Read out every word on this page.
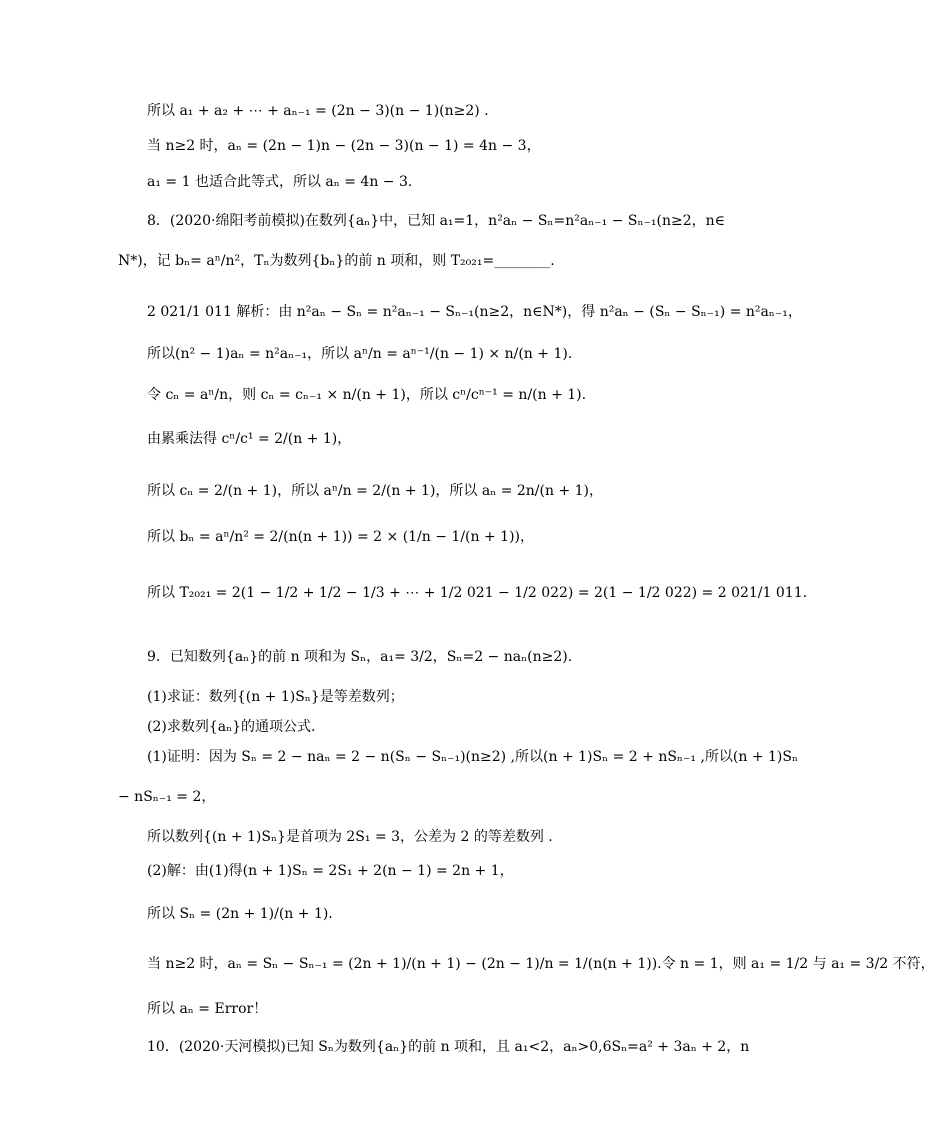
所以 a₁ + a₂ + ⋯ + aₙ₋₁ = (2n − 3)(n − 1)(n≥2) .
当 n≥2 时，aₙ = (2n − 1)n − (2n − 3)(n − 1) = 4n − 3，
a₁ = 1 也适合此等式，所以 aₙ = 4n − 3.
8．(2020·绵阳考前模拟)在数列{aₙ}中，已知 a₁=1，n²aₙ − Sₙ=n²aₙ₋₁ − Sₙ₋₁(n≥2，n∈
N*)，记 bₙ= aⁿ/n²，Tₙ为数列{bₙ}的前 n 项和，则 T₂₀₂₁=________.
2 021/1 011 解析：由 n²aₙ − Sₙ = n²aₙ₋₁ − Sₙ₋₁(n≥2，n∈N*)，得 n²aₙ − (Sₙ − Sₙ₋₁) = n²aₙ₋₁，
所以(n² − 1)aₙ = n²aₙ₋₁，所以 aⁿ/n = aⁿ⁻¹/(n − 1) × n/(n + 1).
令 cₙ = aⁿ/n，则 cₙ = cₙ₋₁ × n/(n + 1)，所以 cⁿ/cⁿ⁻¹ = n/(n + 1).
由累乘法得 cⁿ/c¹ = 2/(n + 1)，
所以 cₙ = 2/(n + 1)，所以 aⁿ/n = 2/(n + 1)，所以 aₙ = 2n/(n + 1)，
所以 bₙ = aⁿ/n² = 2/(n(n + 1)) = 2 × (1/n − 1/(n + 1))，
所以 T₂₀₂₁ = 2(1 − 1/2 + 1/2 − 1/3 + ⋯ + 1/2 021 − 1/2 022) = 2(1 − 1/2 022) = 2 021/1 011.
9．已知数列{aₙ}的前 n 项和为 Sₙ，a₁= 3/2，Sₙ=2 − naₙ(n≥2).
(1)求证：数列{(n + 1)Sₙ}是等差数列；
(2)求数列{aₙ}的通项公式.
(1)证明：因为 Sₙ = 2 − naₙ = 2 − n(Sₙ − Sₙ₋₁)(n≥2) ,所以(n + 1)Sₙ = 2 + nSₙ₋₁ ,所以(n + 1)Sₙ
− nSₙ₋₁ = 2，
所以数列{(n + 1)Sₙ}是首项为 2S₁ = 3，公差为 2 的等差数列 .
(2)解：由(1)得(n + 1)Sₙ = 2S₁ + 2(n − 1) = 2n + 1，
所以 Sₙ = (2n + 1)/(n + 1).
当 n≥2 时，aₙ = Sₙ − Sₙ₋₁ = (2n + 1)/(n + 1) − (2n − 1)/n = 1/(n(n + 1)).令 n = 1，则 a₁ = 1/2 与 a₁ = 3/2 不符，
所以 aₙ = Error！
10．(2020·天河模拟)已知 Sₙ为数列{aₙ}的前 n 项和，且 a₁<2，aₙ>0,6Sₙ=a² + 3aₙ + 2，n
